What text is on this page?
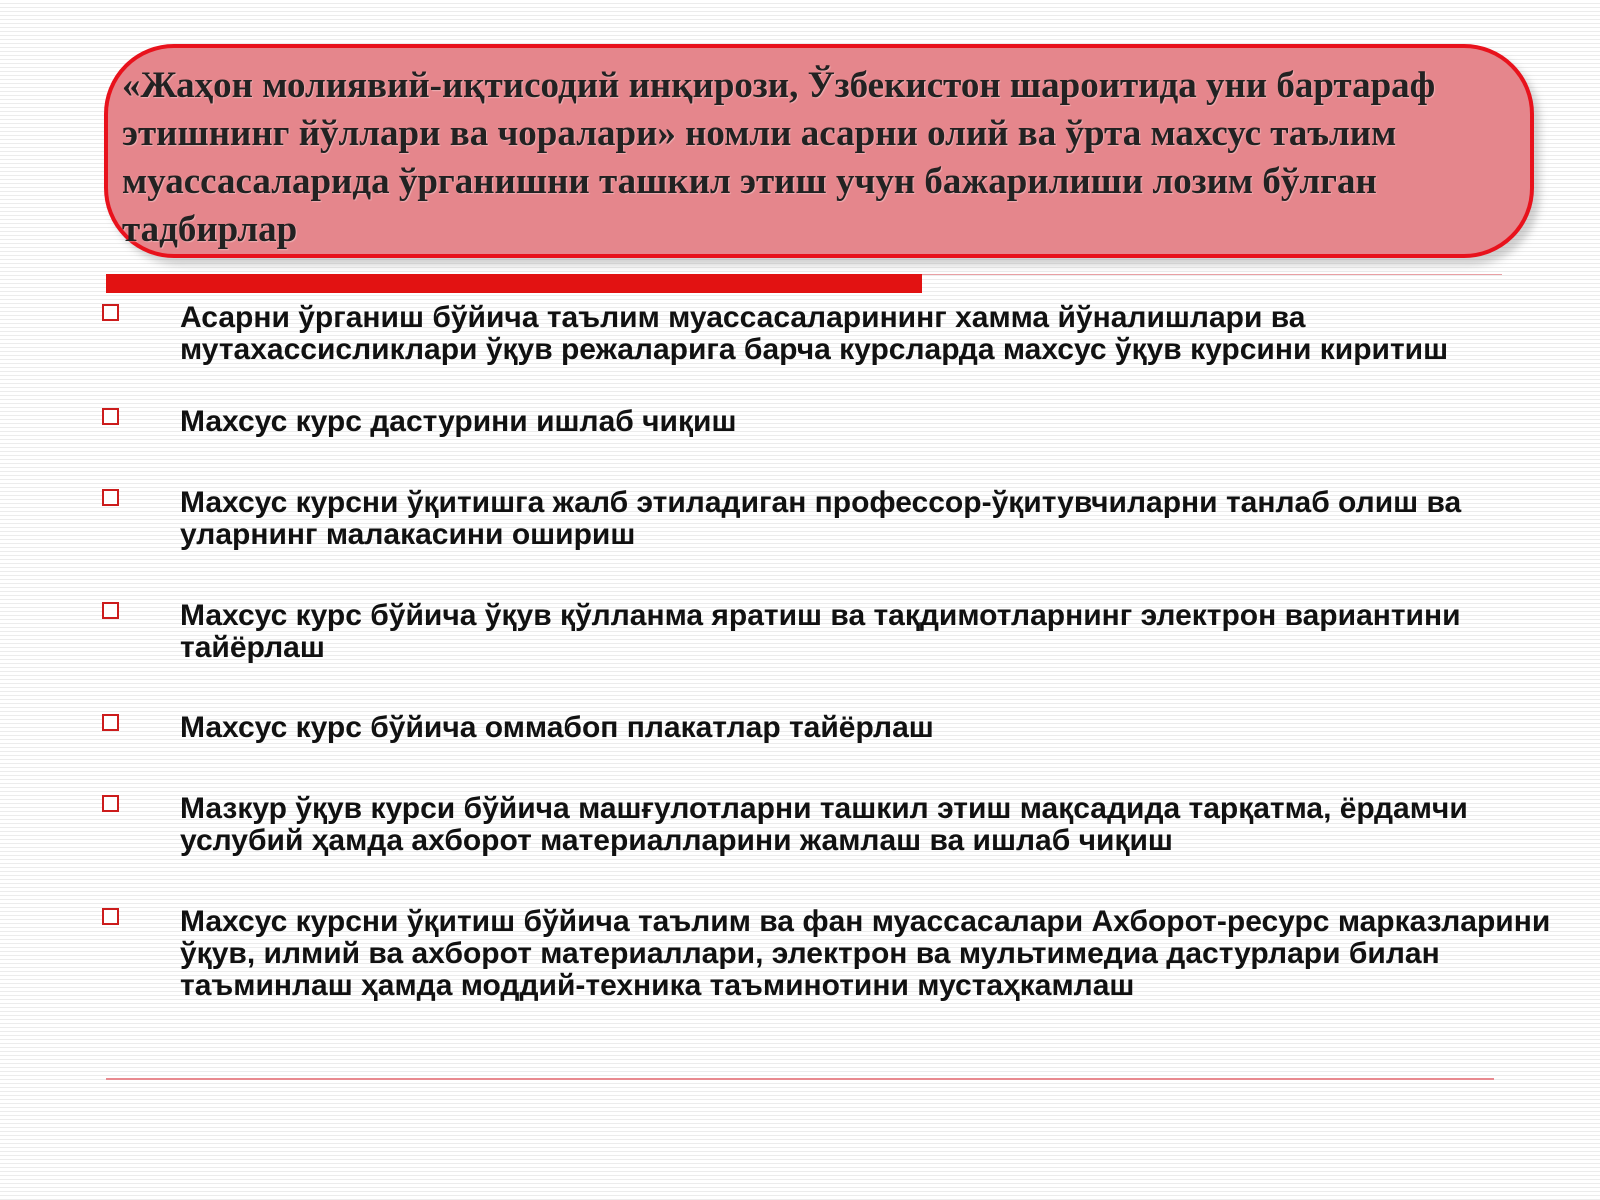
«Жаҳон молиявий-иқтисодий инқирози, Ўзбекистон шароитида уни бартараф этишнинг йўллари ва чоралари» номли асарни олий ва ўрта махсус таълим муассасаларида ўрганишни ташкил этиш учун бажарилиши лозим бўлган тадбирлар
Асарни ўрганиш бўйича таълим муассасаларининг хамма йўналишлари ва мутахассисликлари ўқув режаларига барча курсларда махсус ўқув курсини киритиш
Махсус курс дастурини ишлаб чиқиш
Махсус курсни ўқитишга жалб этиладиган профессор-ўқитувчиларни танлаб олиш ва уларнинг малакасини ошириш
Махсус курс бўйича ўқув қўлланма яратиш ва тақдимотларнинг электрон вариантини тайёрлаш
Махсус курс бўйича оммабоп плакатлар тайёрлаш
Мазкур ўқув курси бўйича машғулотларни ташкил этиш мақсадида тарқатма, ёрдамчи услубий ҳамда ахборот материалларини жамлаш ва ишлаб чиқиш
Махсус курсни ўқитиш бўйича таълим ва фан муассасалари Ахборот-ресурс марказларини ўқув, илмий ва ахборот материаллари, электрон ва мультимедиа дастурлари билан таъминлаш ҳамда моддий-техника таъминотини мустаҳкамлаш
